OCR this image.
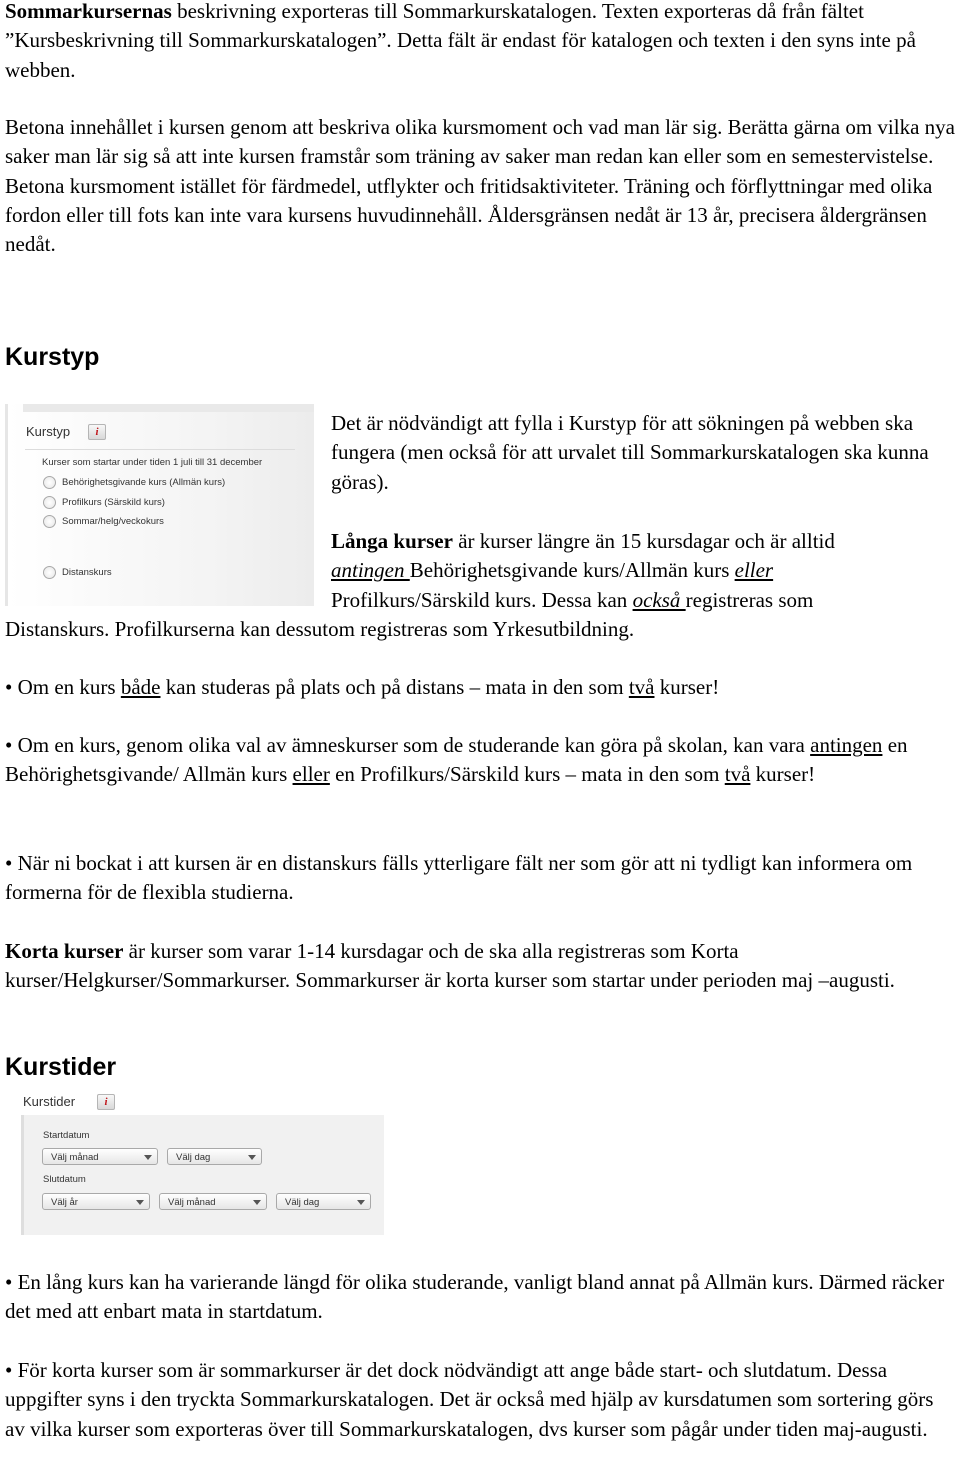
Sommarkursernas beskrivning exporteras till Sommarkurskatalogen. Texten exporteras då från fältet ”Kursbeskrivning till Sommarkurskatalogen”. Detta fält är endast för katalogen och texten i den syns inte på webben.

Betona innehållet i kursen genom att beskriva olika kursmoment och vad man lär sig. Berätta gärna om vilka nya saker man lär sig så att inte kursen framstår som träning av saker man redan kan eller som en semestervistelse. Betona kursmoment istället för färdmedel, utflykter och fritidsaktiviteter. Träning och förflyttningar med olika fordon eller till fots kan inte vara kursens huvudinnehåll. Åldersgränsen nedåt är 13 år, precisera åldergränsen nedåt.

Kurstyp
Kurstyp	i
Kurser som startar under tiden 1 juli till 31 december
Behörighetsgivande kurs (Allmän kurs)
Profilkurs (Särskild kurs)
Sommar/helg/veckokurs
Distanskurs

Det är nödvändigt att fylla i Kurstyp för att sökningen på webben ska fungera (men också för att urvalet till Sommarkurskatalogen ska kunna göras).

Långa kurser är kurser längre än 15 kursdagar och är alltid
antingen Behörighetsgivande kurs/Allmän kurs eller
Profilkurs/Särskild kurs. Dessa kan också registreras som

Distanskurs. Profilkurserna kan dessutom registreras som Yrkesutbildning.

• Om en kurs både kan studeras på plats och på distans – mata in den som två kurser!

• Om en kurs, genom olika val av ämneskurser som de studerande kan göra på skolan, kan vara antingen en Behörighetsgivande/ Allmän kurs eller en Profilkurs/Särskild kurs – mata in den som två kurser!

• När ni bockat i att kursen är en distanskurs fälls ytterligare fält ner som gör att ni tydligt kan informera om formerna för de flexibla studierna.

Korta kurser är kurser som varar 1-14 kursdagar och de ska alla registreras som Korta kurser/Helgkurser/Sommarkurser. Sommarkurser är korta kurser som startar under perioden maj –augusti.

Kurstider
Kurstider	i
Startdatum
Välj månad	Välj dag
Slutdatum
Välj år	Välj månad	Välj dag

• En lång kurs kan ha varierande längd för olika studerande, vanligt bland annat på Allmän kurs. Därmed räcker det med att enbart mata in startdatum.

• För korta kurser som är sommarkurser är det dock nödvändigt att ange både start- och slutdatum. Dessa uppgifter syns i den tryckta Sommarkurskatalogen. Det är också med hjälp av kursdatumen som sortering görs av vilka kurser som exporteras över till Sommarkurskatalogen, dvs kurser som pågår under tiden maj-augusti.
